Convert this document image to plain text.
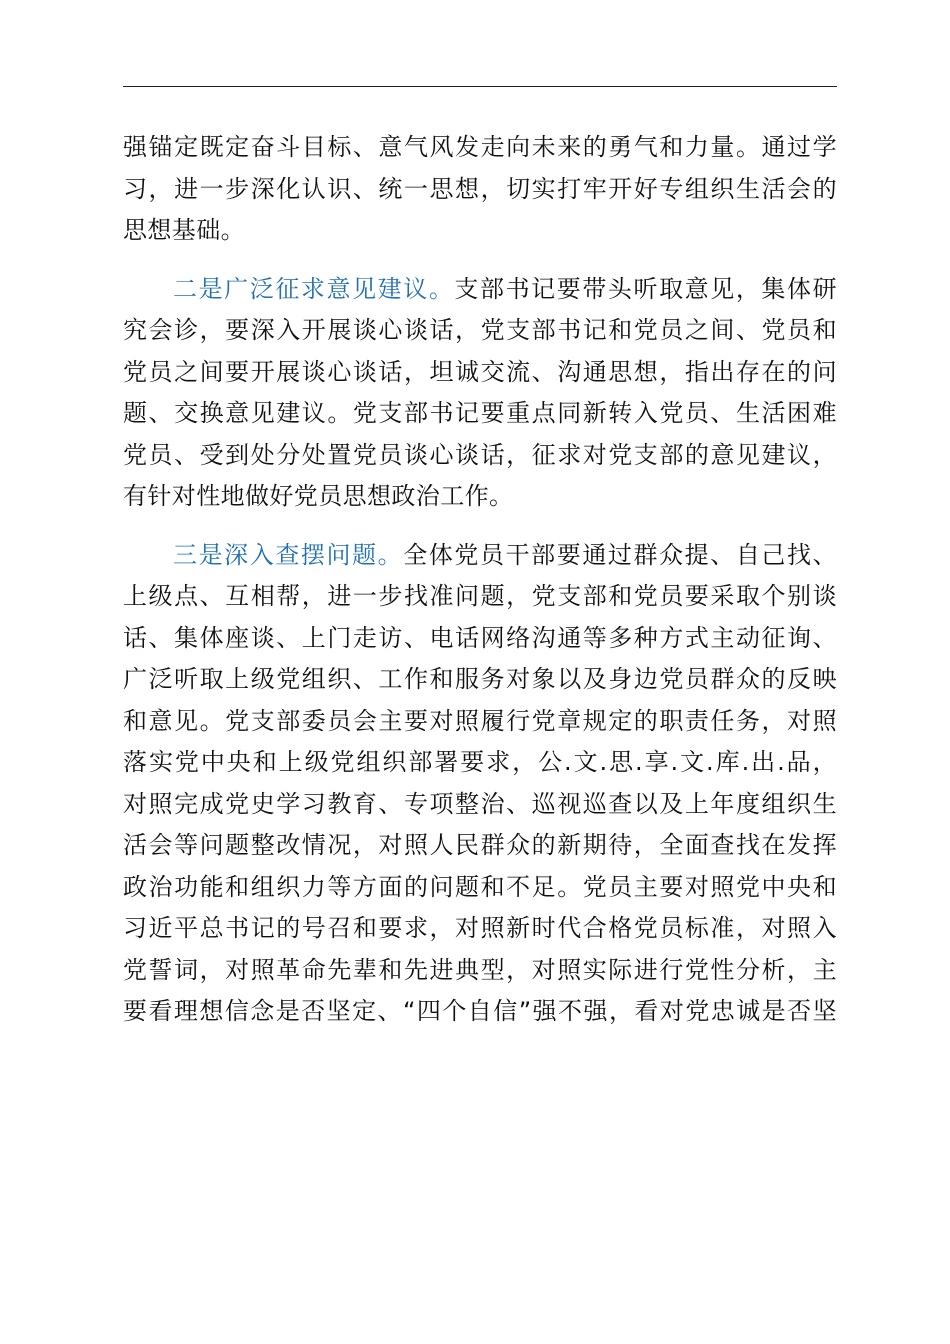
强锚定既定奋斗目标、意气风发走向未来的勇气和力量。通过学
习，进一步深化认识、统一思想，切实打牢开好专组织生活会的
思想基础。
二是广泛征求意见建议。支部书记要带头听取意见，集体研
究会诊，要深入开展谈心谈话，党支部书记和党员之间、党员和
党员之间要开展谈心谈话，坦诚交流、沟通思想，指出存在的问
题、交换意见建议。党支部书记要重点同新转入党员、生活困难
党员、受到处分处置党员谈心谈话，征求对党支部的意见建议，
有针对性地做好党员思想政治工作。
三是深入查摆问题。全体党员干部要通过群众提、自己找、
上级点、互相帮，进一步找准问题，党支部和党员要采取个别谈
话、集体座谈、上门走访、电话网络沟通等多种方式主动征询、
广泛听取上级党组织、工作和服务对象以及身边党员群众的反映
和意见。党支部委员会主要对照履行党章规定的职责任务，对照
落实党中央和上级党组织部署要求，公.文.思.享.文.库.出.品，
对照完成党史学习教育、专项整治、巡视巡查以及上年度组织生
活会等问题整改情况，对照人民群众的新期待，全面查找在发挥
政治功能和组织力等方面的问题和不足。党员主要对照党中央和
习近平总书记的号召和要求，对照新时代合格党员标准，对照入
党誓词，对照革命先辈和先进典型，对照实际进行党性分析，主
要看理想信念是否坚定、“四个自信”强不强，看对党忠诚是否坚
